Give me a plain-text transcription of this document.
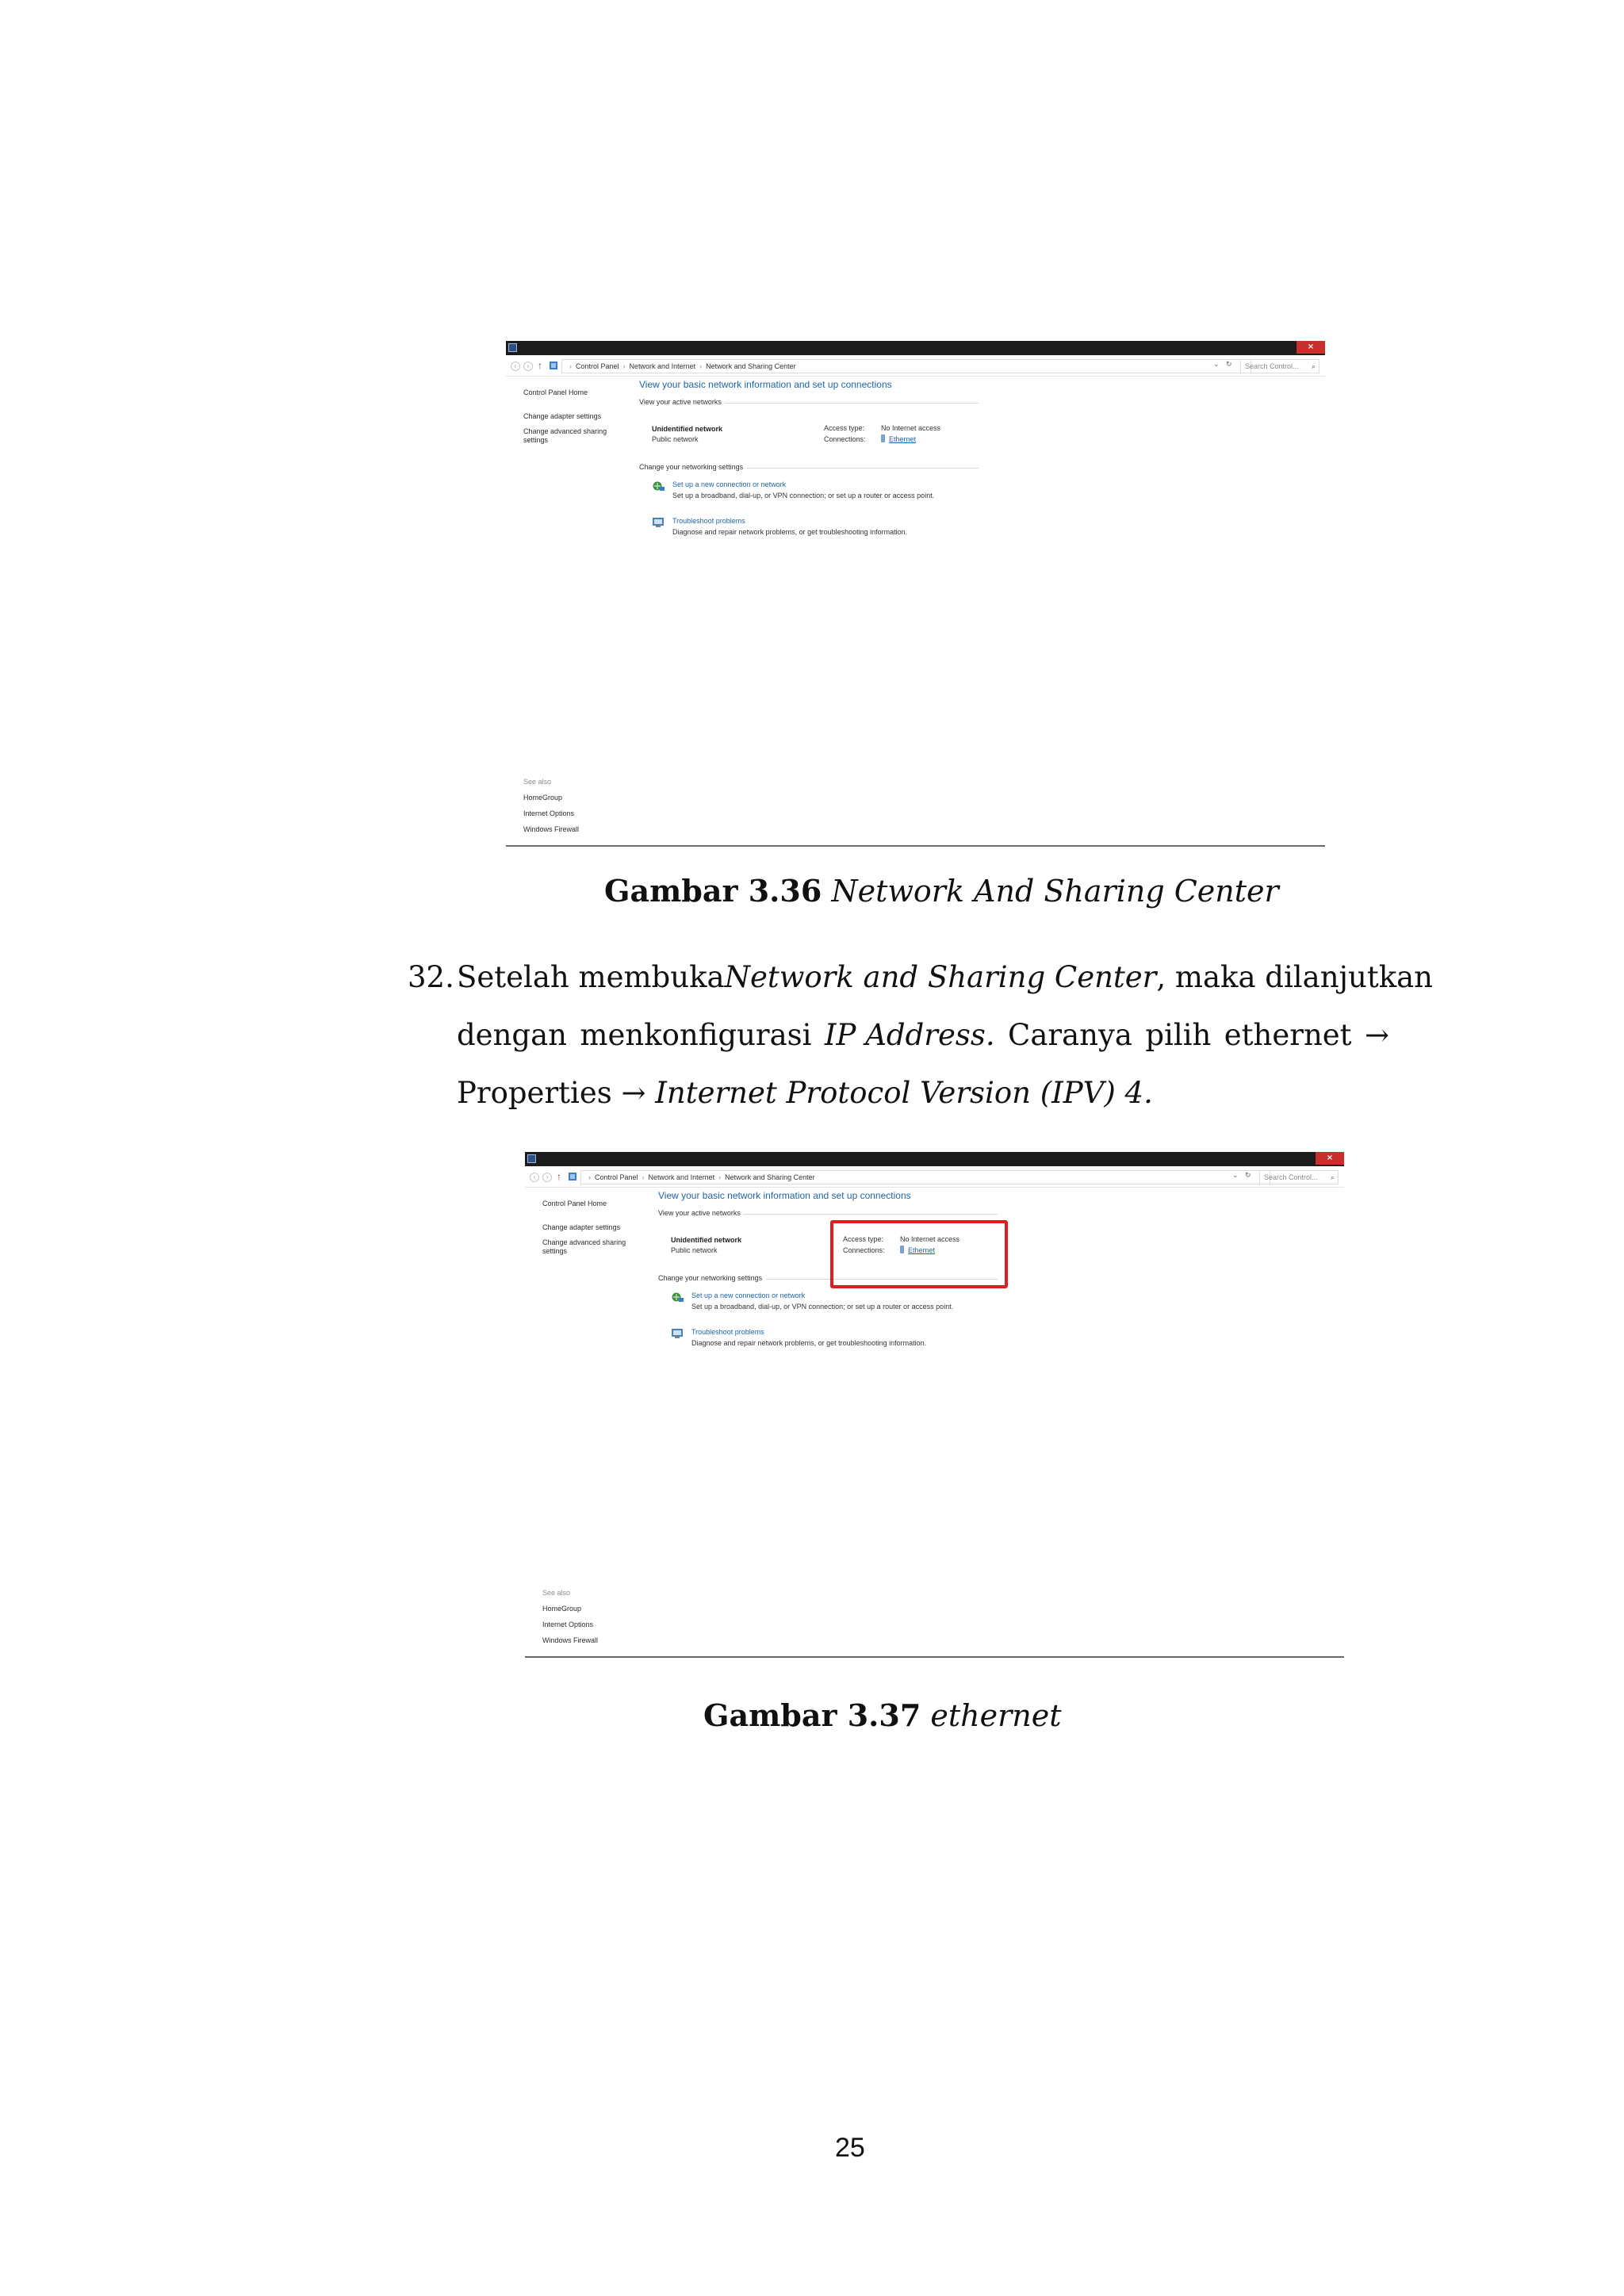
×
‹	› ↑	› Control Panel › Network and Internet › Network and Sharing Center	⌄ ↻	Search Control... ⌕
Control Panel Home
Change adapter settings
Change advanced sharing settings
View your basic network information and set up connections
View your active networks
Unidentified network
Public network
Access type: No Internet access
Connections:	Ethernet
Change your networking settings
Set up a new connection or network
Set up a broadband, dial-up, or VPN connection; or set up a router or access point.
Troubleshoot problems
Diagnose and repair network problems, or get troubleshooting information.
See also
HomeGroup
Internet Options
Windows Firewall
Gambar 3.36 Network And Sharing Center
32. Setelah membuka Network and Sharing Center , maka dilanjutkan
dengan menkonfigurasi IP Address. Caranya pilih ethernet →
Properties → Internet Protocol Version (IPV) 4.
×
‹	› ↑	› Control Panel › Network and Internet › Network and Sharing Center	⌄ ↻	Search Control... ⌕
Control Panel Home
Change adapter settings
Change advanced sharing settings
View your basic network information and set up connections
View your active networks
Unidentified network
Public network
Access type: No Internet access
Connections:	Ethernet
Change your networking settings
Set up a new connection or network
Set up a broadband, dial-up, or VPN connection; or set up a router or access point.
Troubleshoot problems
Diagnose and repair network problems, or get troubleshooting information.
See also
HomeGroup
Internet Options
Windows Firewall
Gambar 3.37 ethernet
25
